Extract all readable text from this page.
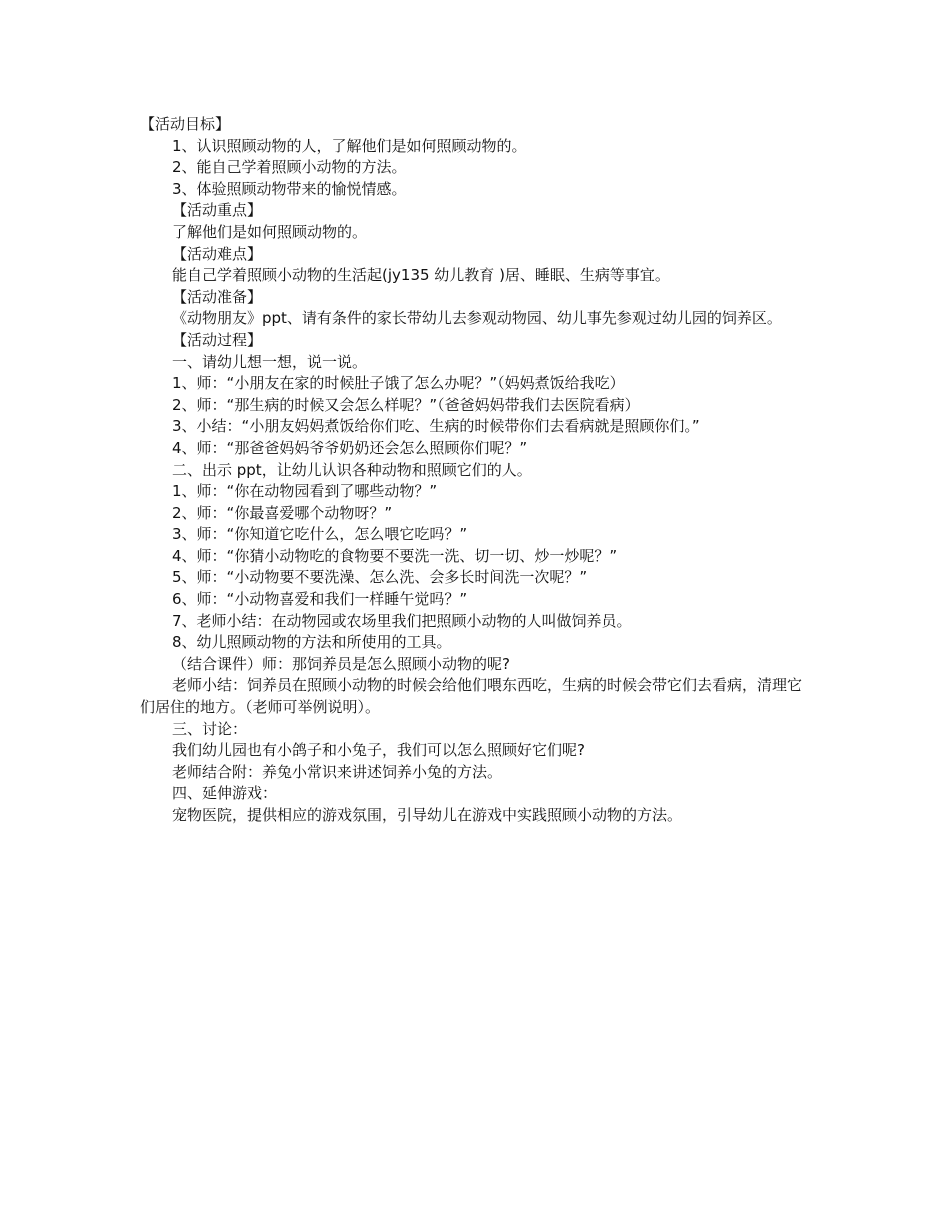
【活动目标】
1、认识照顾动物的人，了解他们是如何照顾动物的。
2、能自己学着照顾小动物的方法。
3、体验照顾动物带来的愉悦情感。
【活动重点】
了解他们是如何照顾动物的。
【活动难点】
能自己学着照顾小动物的生活起(jy135 幼儿教育 )居、睡眠、生病等事宜。
【活动准备】
《动物朋友》ppt、请有条件的家长带幼儿去参观动物园、幼儿事先参观过幼儿园的饲养区。
【活动过程】
一、请幼儿想一想，说一说。
1、师：“小朋友在家的时候肚子饿了怎么办呢？”（妈妈煮饭给我吃）
2、师：“那生病的时候又会怎么样呢？”（爸爸妈妈带我们去医院看病）
3、小结：“小朋友妈妈煮饭给你们吃、生病的时候带你们去看病就是照顾你们。”
4、师：“那爸爸妈妈爷爷奶奶还会怎么照顾你们呢？”
二、出示 ppt，让幼儿认识各种动物和照顾它们的人。
1、师：“你在动物园看到了哪些动物？”
2、师：“你最喜爱哪个动物呀？”
3、师：“你知道它吃什么，怎么喂它吃吗？”
4、师：“你猜小动物吃的食物要不要洗一洗、切一切、炒一炒呢？”
5、师：“小动物要不要洗澡、怎么洗、会多长时间洗一次呢？”
6、师：“小动物喜爱和我们一样睡午觉吗？”
7、老师小结：在动物园或农场里我们把照顾小动物的人叫做饲养员。
8、幼儿照顾动物的方法和所使用的工具。
（结合课件）师：那饲养员是怎么照顾小动物的呢?
老师小结：饲养员在照顾小动物的时候会给他们喂东西吃，生病的时候会带它们去看病，清理它们居住的地方。（老师可举例说明）。
三、讨论：
我们幼儿园也有小鸽子和小兔子，我们可以怎么照顾好它们呢?
老师结合附：养兔小常识来讲述饲养小兔的方法。
四、延伸游戏：
宠物医院，提供相应的游戏氛围，引导幼儿在游戏中实践照顾小动物的方法。
